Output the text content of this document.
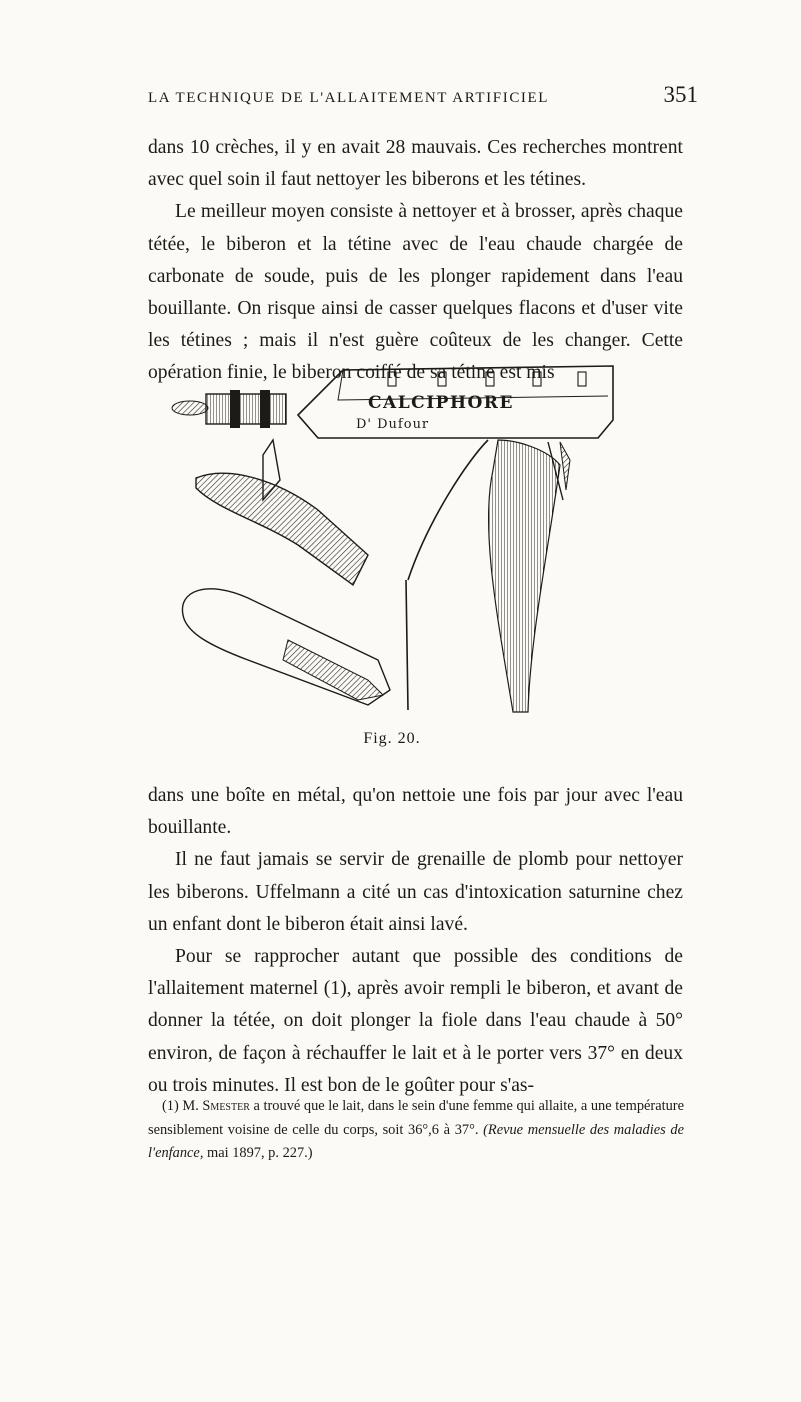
LA TECHNIQUE DE L'ALLAITEMENT ARTIFICIEL	351

dans 10 crèches, il y en avait 28 mauvais. Ces recherches montrent avec quel soin il faut nettoyer les biberons et les tétines.

Le meilleur moyen consiste à nettoyer et à brosser, après chaque tétée, le biberon et la tétine avec de l'eau chaude chargée de carbonate de soude, puis de les plonger rapidement dans l'eau bouillante. On risque ainsi de casser quelques flacons et d'user vite les tétines ; mais il n'est guère coûteux de les changer. Cette opération finie, le biberon coiffé de sa tétine est mis

CALCIPHORE
D' Dufour
Fig. 20.

dans une boîte en métal, qu'on nettoie une fois par jour avec l'eau bouillante.

Il ne faut jamais se servir de grenaille de plomb pour nettoyer les biberons. Uffelmann a cité un cas d'intoxication saturnine chez un enfant dont le biberon était ainsi lavé.

Pour se rapprocher autant que possible des conditions de l'allaitement maternel (1), après avoir rempli le biberon, et avant de donner la tétée, on doit plonger la fiole dans l'eau chaude à 50° environ, de façon à réchauffer le lait et à le porter vers 37° en deux ou trois minutes. Il est bon de le goûter pour s'as-

(1) M. Smester a trouvé que le lait, dans le sein d'une femme qui allaite, a une température sensiblement voisine de celle du corps, soit 36°,6 à 37°. (Revue mensuelle des maladies de l'enfance, mai 1897, p. 227.)
